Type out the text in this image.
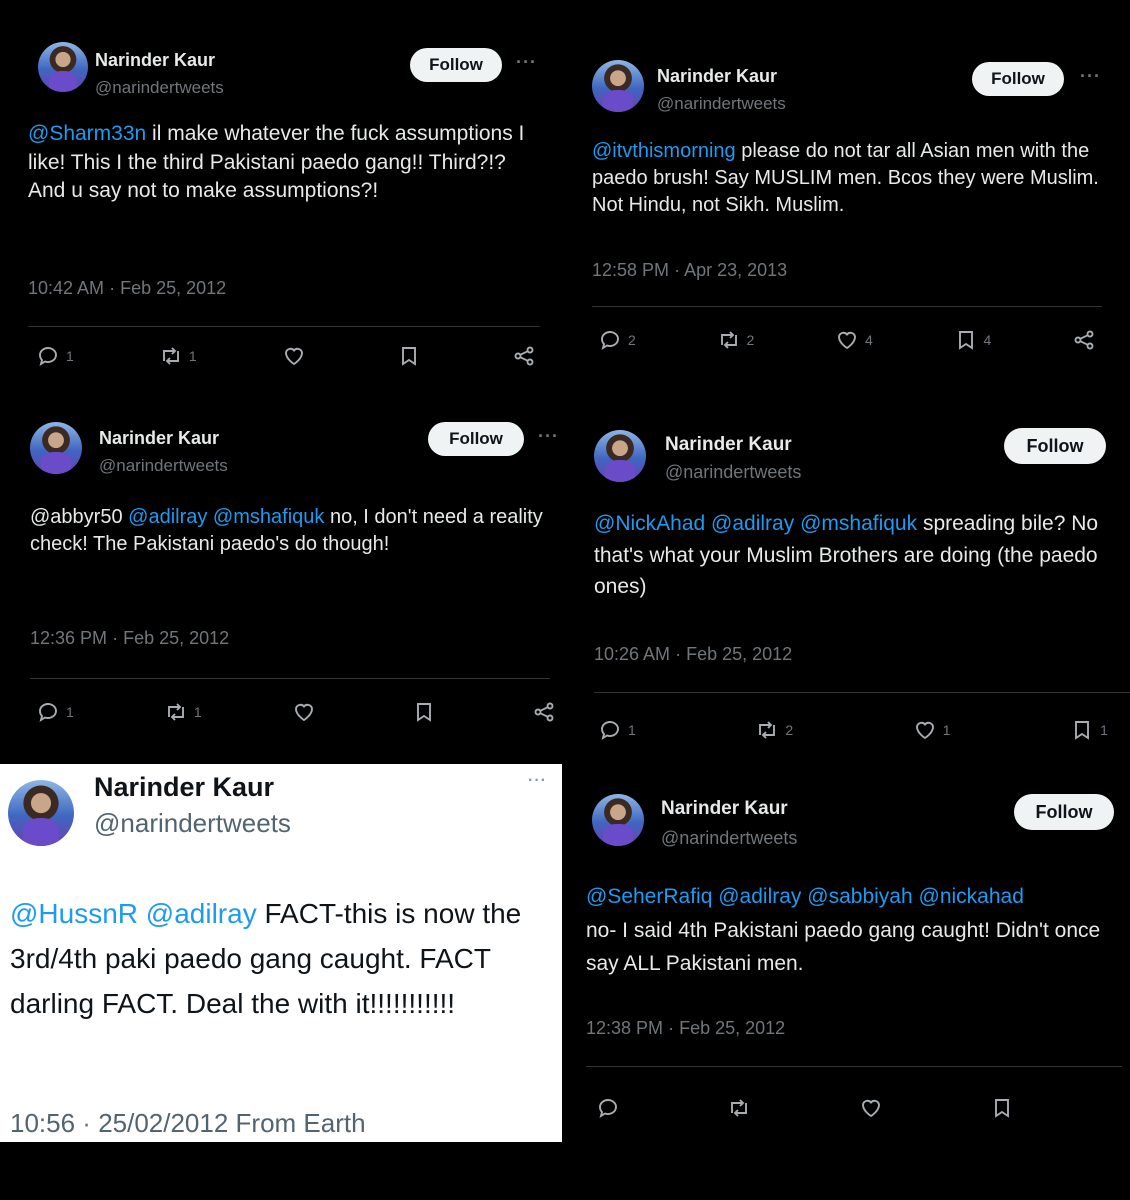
Narinder Kaur
@narindertweets
Follow	···
@Sharm33n il make whatever the fuck assumptions I like! This I the third Pakistani paedo gang!! Third?!? And u say not to make assumptions?!
10:42 AM · Feb 25, 2012
1	1
Narinder Kaur
@narindertweets
Follow	···
@itvthismorning please do not tar all Asian men with the paedo brush! Say MUSLIM men. Bcos they were Muslim. Not Hindu, not Sikh. Muslim.
12:58 PM · Apr 23, 2013
2	2	4	4
Narinder Kaur
@narindertweets
Follow	···
@abbyr50 @adilray @mshafiquk no, I don't need a reality check! The Pakistani paedo's do though!
12:36 PM · Feb 25, 2012
1	1
Narinder Kaur
@narindertweets
Follow
@NickAhad @adilray @mshafiquk spreading bile? No that's what your Muslim Brothers are doing (the paedo ones)
10:26 AM · Feb 25, 2012
1	2	1	1
Narinder Kaur
@narindertweets
···
@HussnR @adilray FACT-this is now the 3rd/4th paki paedo gang caught. FACT darling FACT. Deal the with it!!!!!!!!!!!
10:56 · 25/02/2012 From Earth
Narinder Kaur
@narindertweets
Follow
@SeherRafiq @adilray @sabbiyah @nickahad
no- I said 4th Pakistani paedo gang caught! Didn't once say ALL Pakistani men.
12:38 PM · Feb 25, 2012
